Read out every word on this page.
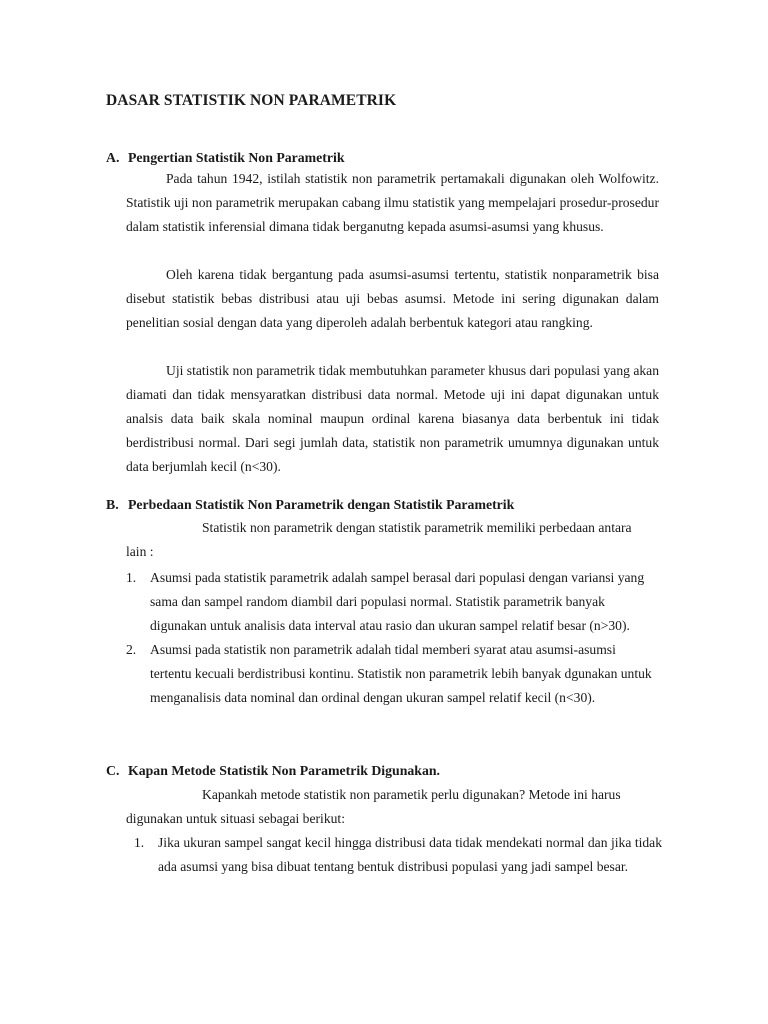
DASAR STATISTIK NON PARAMETRIK
A. Pengertian Statistik Non Parametrik

Pada tahun 1942, istilah statistik non parametrik pertamakali digunakan oleh Wolfowitz. Statistik uji non parametrik merupakan cabang ilmu statistik yang mempelajari prosedur-prosedur dalam statistik inferensial dimana tidak berganutng kepada asumsi-asumsi yang khusus.

Oleh karena tidak bergantung pada asumsi-asumsi tertentu, statistik nonparametrik bisa disebut statistik bebas distribusi atau uji bebas asumsi. Metode ini sering digunakan dalam penelitian sosial dengan data yang diperoleh adalah berbentuk kategori atau rangking.

Uji statistik non parametrik tidak membutuhkan parameter khusus dari populasi yang akan diamati dan tidak mensyaratkan distribusi data normal. Metode uji ini dapat digunakan untuk analsis data baik skala nominal maupun ordinal karena biasanya data berbentuk ini tidak berdistribusi normal. Dari segi jumlah data, statistik non parametrik umumnya digunakan untuk data berjumlah kecil (n<30).

B. Perbedaan Statistik Non Parametrik dengan Statistik Parametrik

Statistik non parametrik dengan statistik parametrik memiliki perbedaan antara lain :

1. Asumsi pada statistik parametrik adalah sampel berasal dari populasi dengan variansi yang sama dan sampel random diambil dari populasi normal. Statistik parametrik banyak digunakan untuk analisis data interval atau rasio dan ukuran sampel relatif besar (n>30).
2. Asumsi pada statistik non parametrik adalah tidal memberi syarat atau asumsi-asumsi tertentu kecuali berdistribusi kontinu. Statistik non parametrik lebih banyak dgunakan untuk menganalisis data nominal dan ordinal dengan ukuran sampel relatif kecil (n<30).
C. Kapan Metode Statistik Non Parametrik Digunakan.

Kapankah metode statistik non parametik perlu digunakan? Metode ini harus digunakan untuk situasi sebagai berikut:

1. Jika ukuran sampel sangat kecil hingga distribusi data tidak mendekati normal dan jika tidak ada asumsi yang bisa dibuat tentang bentuk distribusi populasi yang jadi sampel besar.
